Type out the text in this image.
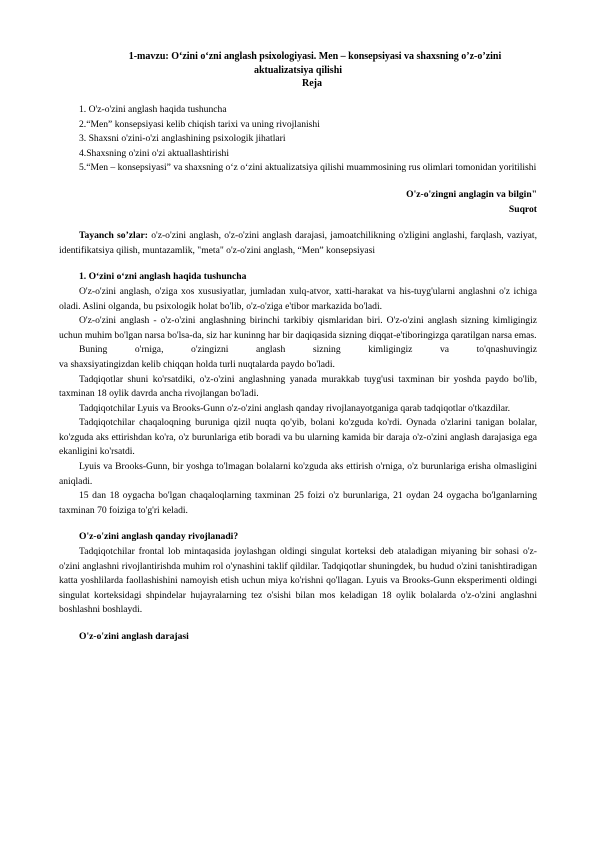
1-mavzu: O‘zini o‘zni anglash psixologiyasi. Men – konsepsiyasi va shaxsning o’z-o’zini

aktualizatsiya qilishi

Reja

1. O'z-o'zini anglash haqida tushuncha

2.“Men” konsepsiyasi kelib chiqish tarixi va uning rivojlanishi

3. Shaxsni o'zini-o'zi anglashining psixologik jihatlari

4.Shaxsning o'zini o'zi aktuallashtirishi

5.“Men – konsepsiyasi” va shaxsning o‘z o‘zini aktualizatsiya qilishi muammosining rus olimlari tomonidan yoritilishi

O'z-o'zingni anglagin va bilgin"

Suqrot

Tayanch so’zlar: o'z-o'zini anglash, o'z-o'zini anglash darajasi, jamoatchilikning o'zligini anglashi, farqlash, vaziyat, identifikatsiya qilish, muntazamlik, "meta" o'z-o'zini anglash, “Men” konsepsiyasi

1. O‘zini o‘zni anglash haqida tushuncha

O'z-o'zini anglash, o'ziga xos xususiyatlar, jumladan xulq-atvor, xatti-harakat va his-tuyg'ularni anglashni o'z ichiga oladi. Aslini olganda, bu psixologik holat bo'lib, o'z-o'ziga e'tibor markazida bo'ladi.

O'z-o'zini anglash - o'z-o'zini anglashning birinchi tarkibiy qismlaridan biri. O'z-o'zini anglash sizning kimligingiz uchun muhim bo'lgan narsa bo'lsa-da, siz har kuninng har bir daqiqasida sizning diqqat-e'tiboringizga qaratilgan narsa emas.

Buning	o'rniga,	o'zingizni	anglash	sizning	kimligingiz	va	to'qnashuvingiz

va shaxsiyatingizdan kelib chiqqan holda turli nuqtalarda paydo bo'ladi.

Tadqiqotlar shuni ko'rsatdiki, o'z-o'zini anglashning yanada murakkab tuyg'usi taxminan bir yoshda paydo bo'lib, taxminan 18 oylik davrda ancha rivojlangan bo'ladi.

Tadqiqotchilar Lyuis va Brooks-Gunn o'z-o'zini anglash qanday rivojlanayotganiga qarab tadqiqotlar o'tkazdilar.

Tadqiqotchilar chaqaloqning buruniga qizil nuqta qo'yib, bolani ko'zguda ko'rdi. Oynada o'zlarini tanigan bolalar, ko'zguda aks ettirishdan ko'ra, o'z burunlariga etib boradi va bu ularning kamida bir daraja o'z-o'zini anglash darajasiga ega ekanligini ko'rsatdi.

Lyuis va Brooks-Gunn, bir yoshga to'lmagan bolalarni ko'zguda aks ettirish o'rniga, o'z burunlariga erisha olmasligini aniqladi.

15 dan 18 oygacha bo'lgan chaqaloqlarning taxminan 25 foizi o'z burunlariga, 21 oydan 24 oygacha bo'lganlarning taxminan 70 foiziga to'g'ri keladi.

O'z-o'zini anglash qanday rivojlanadi?

Tadqiqotchilar frontal lob mintaqasida joylashgan oldingi singulat korteksi deb ataladigan miyaning bir sohasi o'z-o'zini anglashni rivojlantirishda muhim rol o'ynashini taklif qildilar. Tadqiqotlar shuningdek, bu hudud o'zini tanishtiradigan katta yoshlilarda faollashishini namoyish etish uchun miya ko'rishni qo'llagan. Lyuis va Brooks-Gunn eksperimenti oldingi singulat korteksidagi shpindelar hujayralarning tez o'sishi bilan mos keladigan 18 oylik bolalarda o'z-o'zini anglashni boshlashni boshlaydi.

O'z-o'zini anglash darajasi
